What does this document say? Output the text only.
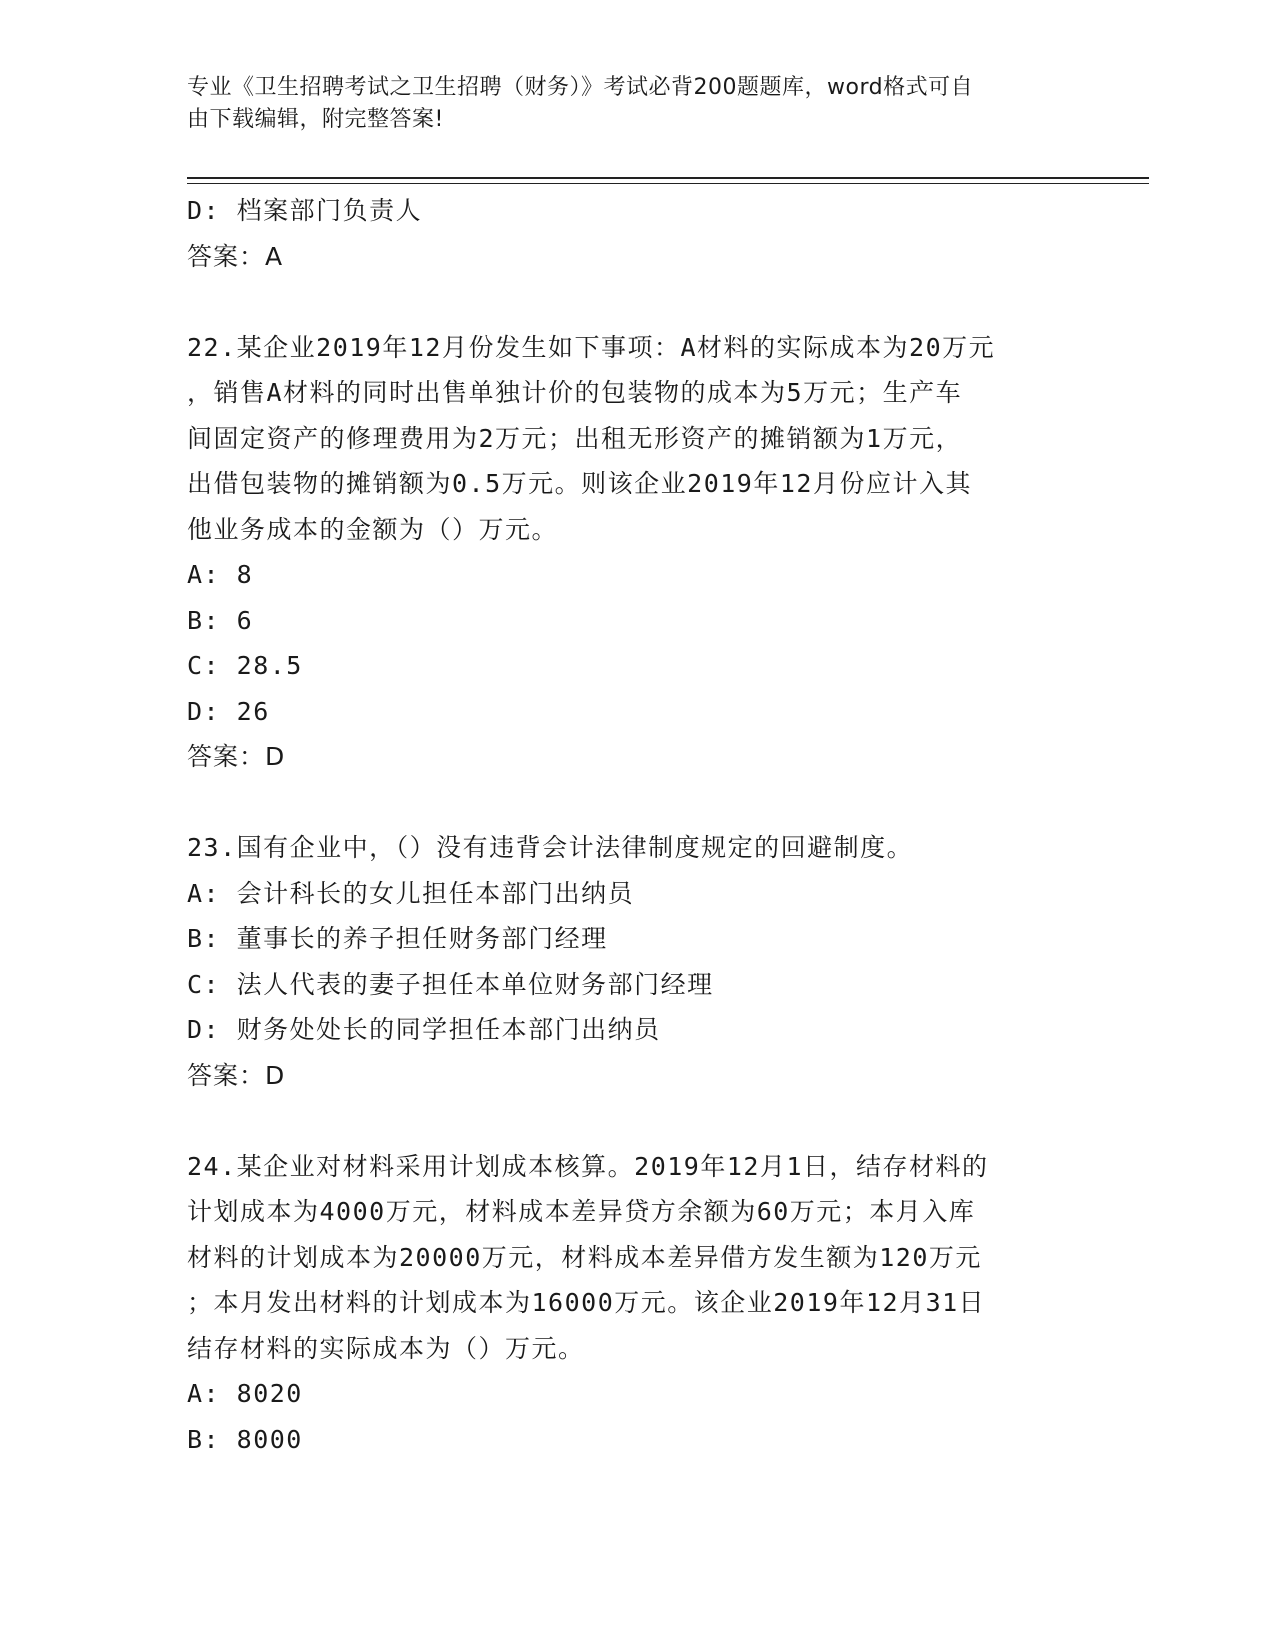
专业《卫生招聘考试之卫生招聘（财务）》考试必背200题题库，word格式可自
由下载编辑，附完整答案!
D: 档案部门负责人
答案：A
22.某企业2019年12月份发生如下事项：A材料的实际成本为20万元
，销售A材料的同时出售单独计价的包装物的成本为5万元；生产车
间固定资产的修理费用为2万元；出租无形资产的摊销额为1万元，
出借包装物的摊销额为0.5万元。则该企业2019年12月份应计入其
他业务成本的金额为（）万元。
A: 8
B: 6
C: 28.5
D: 26
答案：D
23.国有企业中，（）没有违背会计法律制度规定的回避制度。
A: 会计科长的女儿担任本部门出纳员
B: 董事长的养子担任财务部门经理
C: 法人代表的妻子担任本单位财务部门经理
D: 财务处处长的同学担任本部门出纳员
答案：D
24.某企业对材料采用计划成本核算。2019年12月1日，结存材料的
计划成本为4000万元，材料成本差异贷方余额为60万元；本月入库
材料的计划成本为20000万元，材料成本差异借方发生额为120万元
；本月发出材料的计划成本为16000万元。该企业2019年12月31日
结存材料的实际成本为（）万元。
A: 8020
B: 8000
